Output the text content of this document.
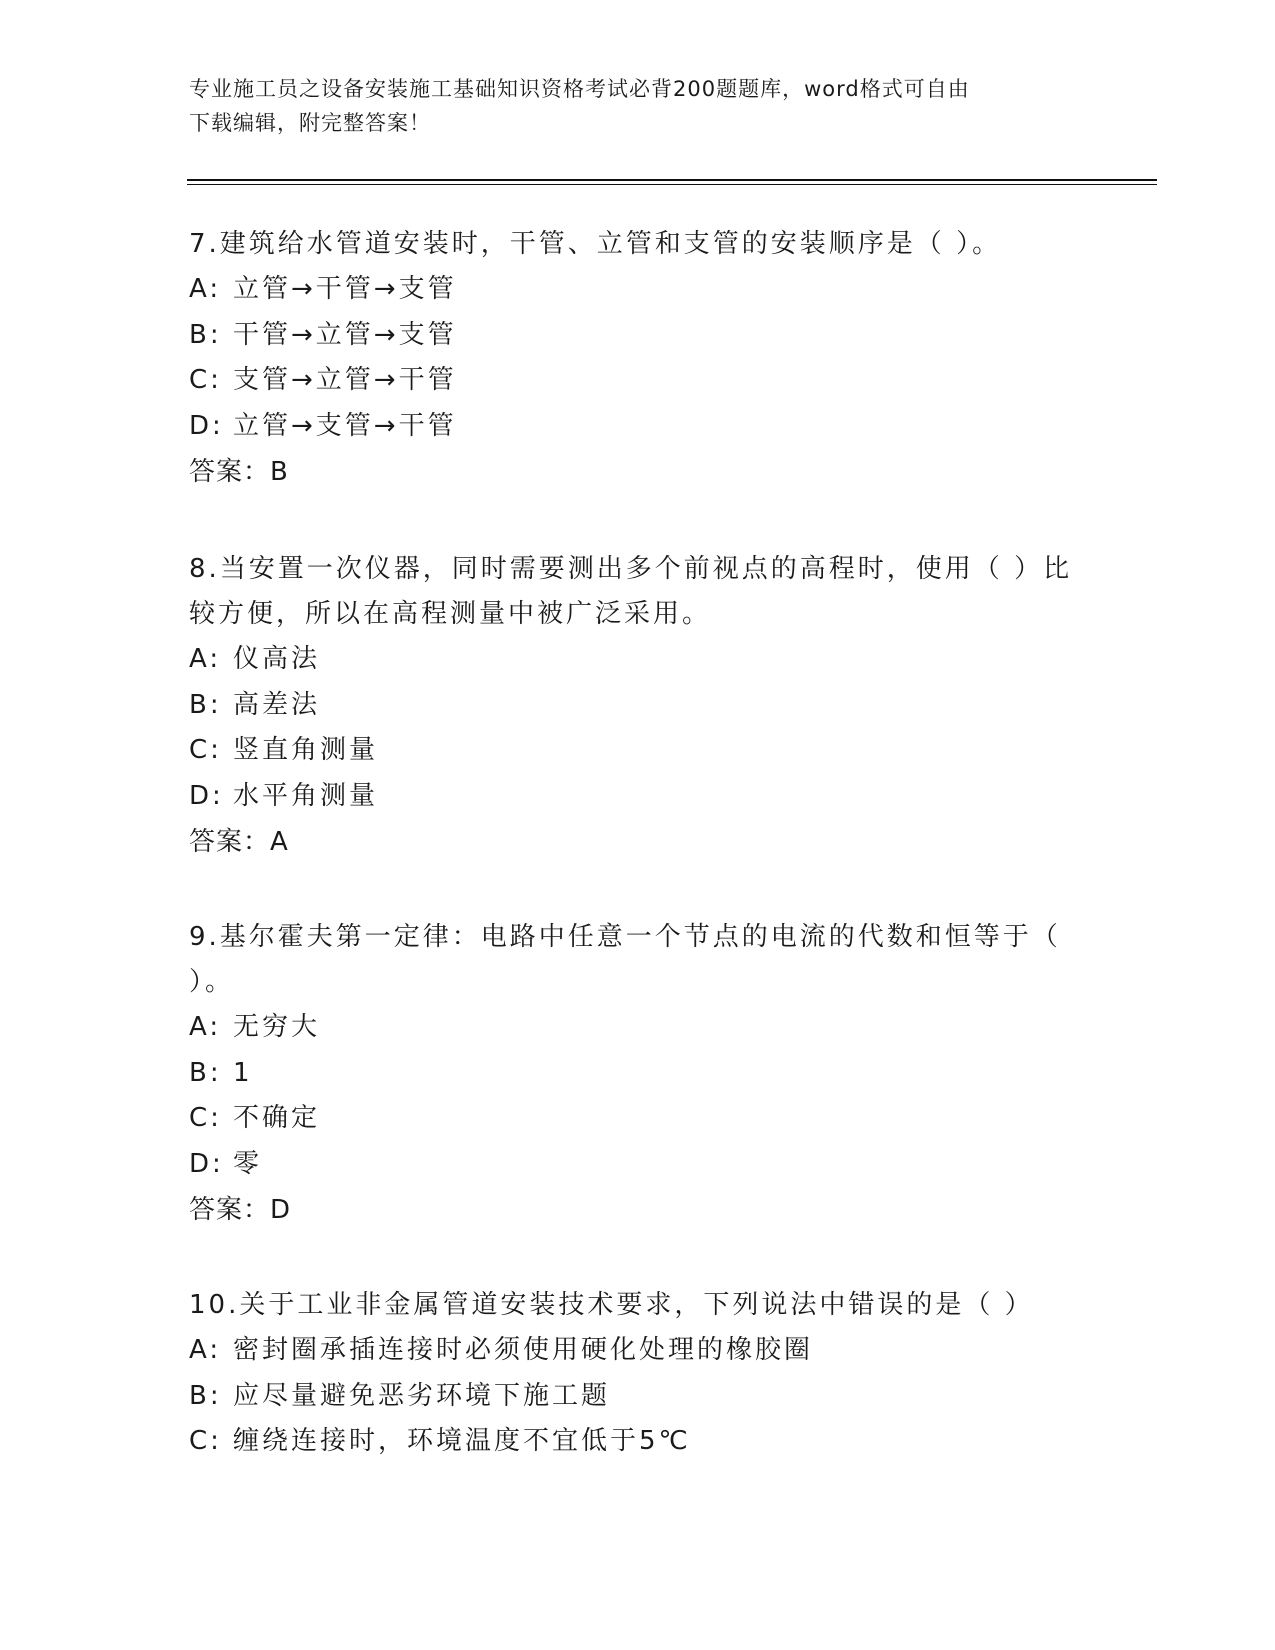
专业施工员之设备安装施工基础知识资格考试必背200题题库，word格式可自由
下载编辑，附完整答案！
7.建筑给水管道安装时，干管、立管和支管的安装顺序是（ ）。
A: 立管→干管→支管
B: 干管→立管→支管
C: 支管→立管→干管
D: 立管→支管→干管
答案：B
8.当安置一次仪器，同时需要测出多个前视点的高程时，使用（ ）比
较方便，所以在高程测量中被广泛采用。
A: 仪高法
B: 高差法
C: 竖直角测量
D: 水平角测量
答案：A
9.基尔霍夫第一定律：电路中任意一个节点的电流的代数和恒等于（
）。
A: 无穷大
B: 1
C: 不确定
D: 零
答案：D
10.关于工业非金属管道安装技术要求，下列说法中错误的是（ ）
A: 密封圈承插连接时必须使用硬化处理的橡胶圈
B: 应尽量避免恶劣环境下施工题
C: 缠绕连接时，环境温度不宜低于5℃
